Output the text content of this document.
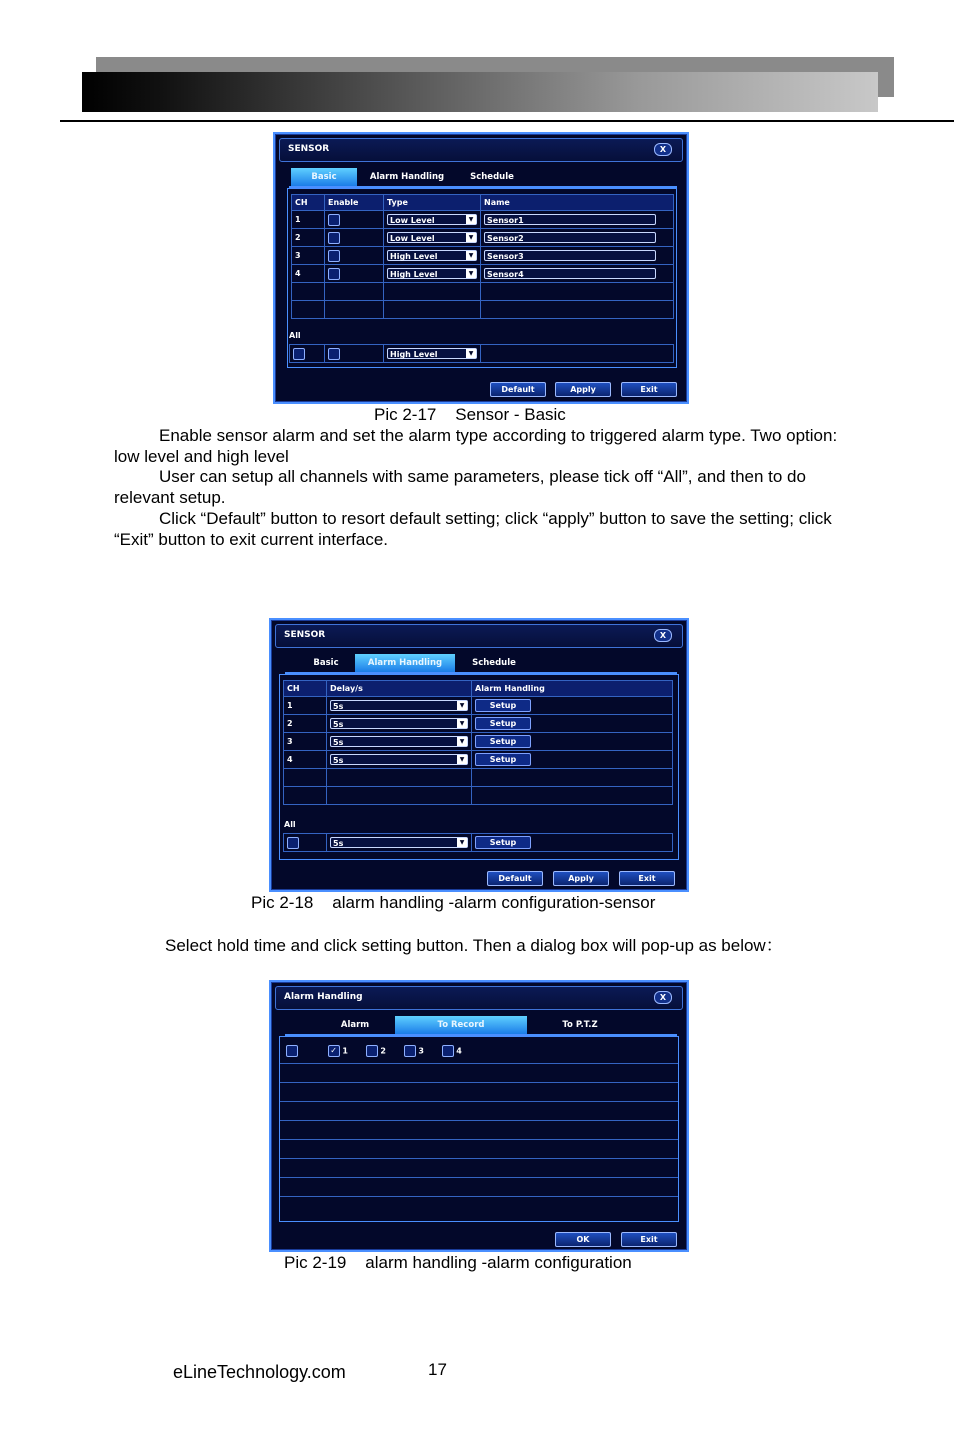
SENSOR	X
Basic	Alarm Handling	Schedule
CH	Enable	Type	Name
1		Low Level ▼	Sensor1
2		Low Level ▼	Sensor2
3		High Level ▼	Sensor3
4		High Level ▼	Sensor4

All
		High Level	▼

Default	Apply	Exit
Pic 2-17    Sensor - Basic

Enable sensor alarm and set the alarm type according to triggered alarm type. Two option: low level and high level

User can setup all channels with same parameters, please tick off “All”, and then to do relevant setup.

Click “Default” button to resort default setting; click “apply” button to save the setting; click “Exit” button to exit current interface.

SENSOR	X
Basic	Alarm Handling	Schedule
CH	Delay/s	Alarm Handling
1	5s ▼	Setup
2	5s ▼	Setup
3	5s ▼	Setup
4	5s ▼	Setup

All
	5s	▼	Setup
Default	Apply	Exit
Pic 2-18    alarm handling -alarm configuration-sensor

Select hold time and click setting button. Then a dialog box will pop-up as below：

Alarm Handling	X
Alarm	To Record	To P.T.Z
✓ 1	2	3	4
OK	Exit
Pic 2-19    alarm handling -alarm configuration
eLineTechnology.com	17
